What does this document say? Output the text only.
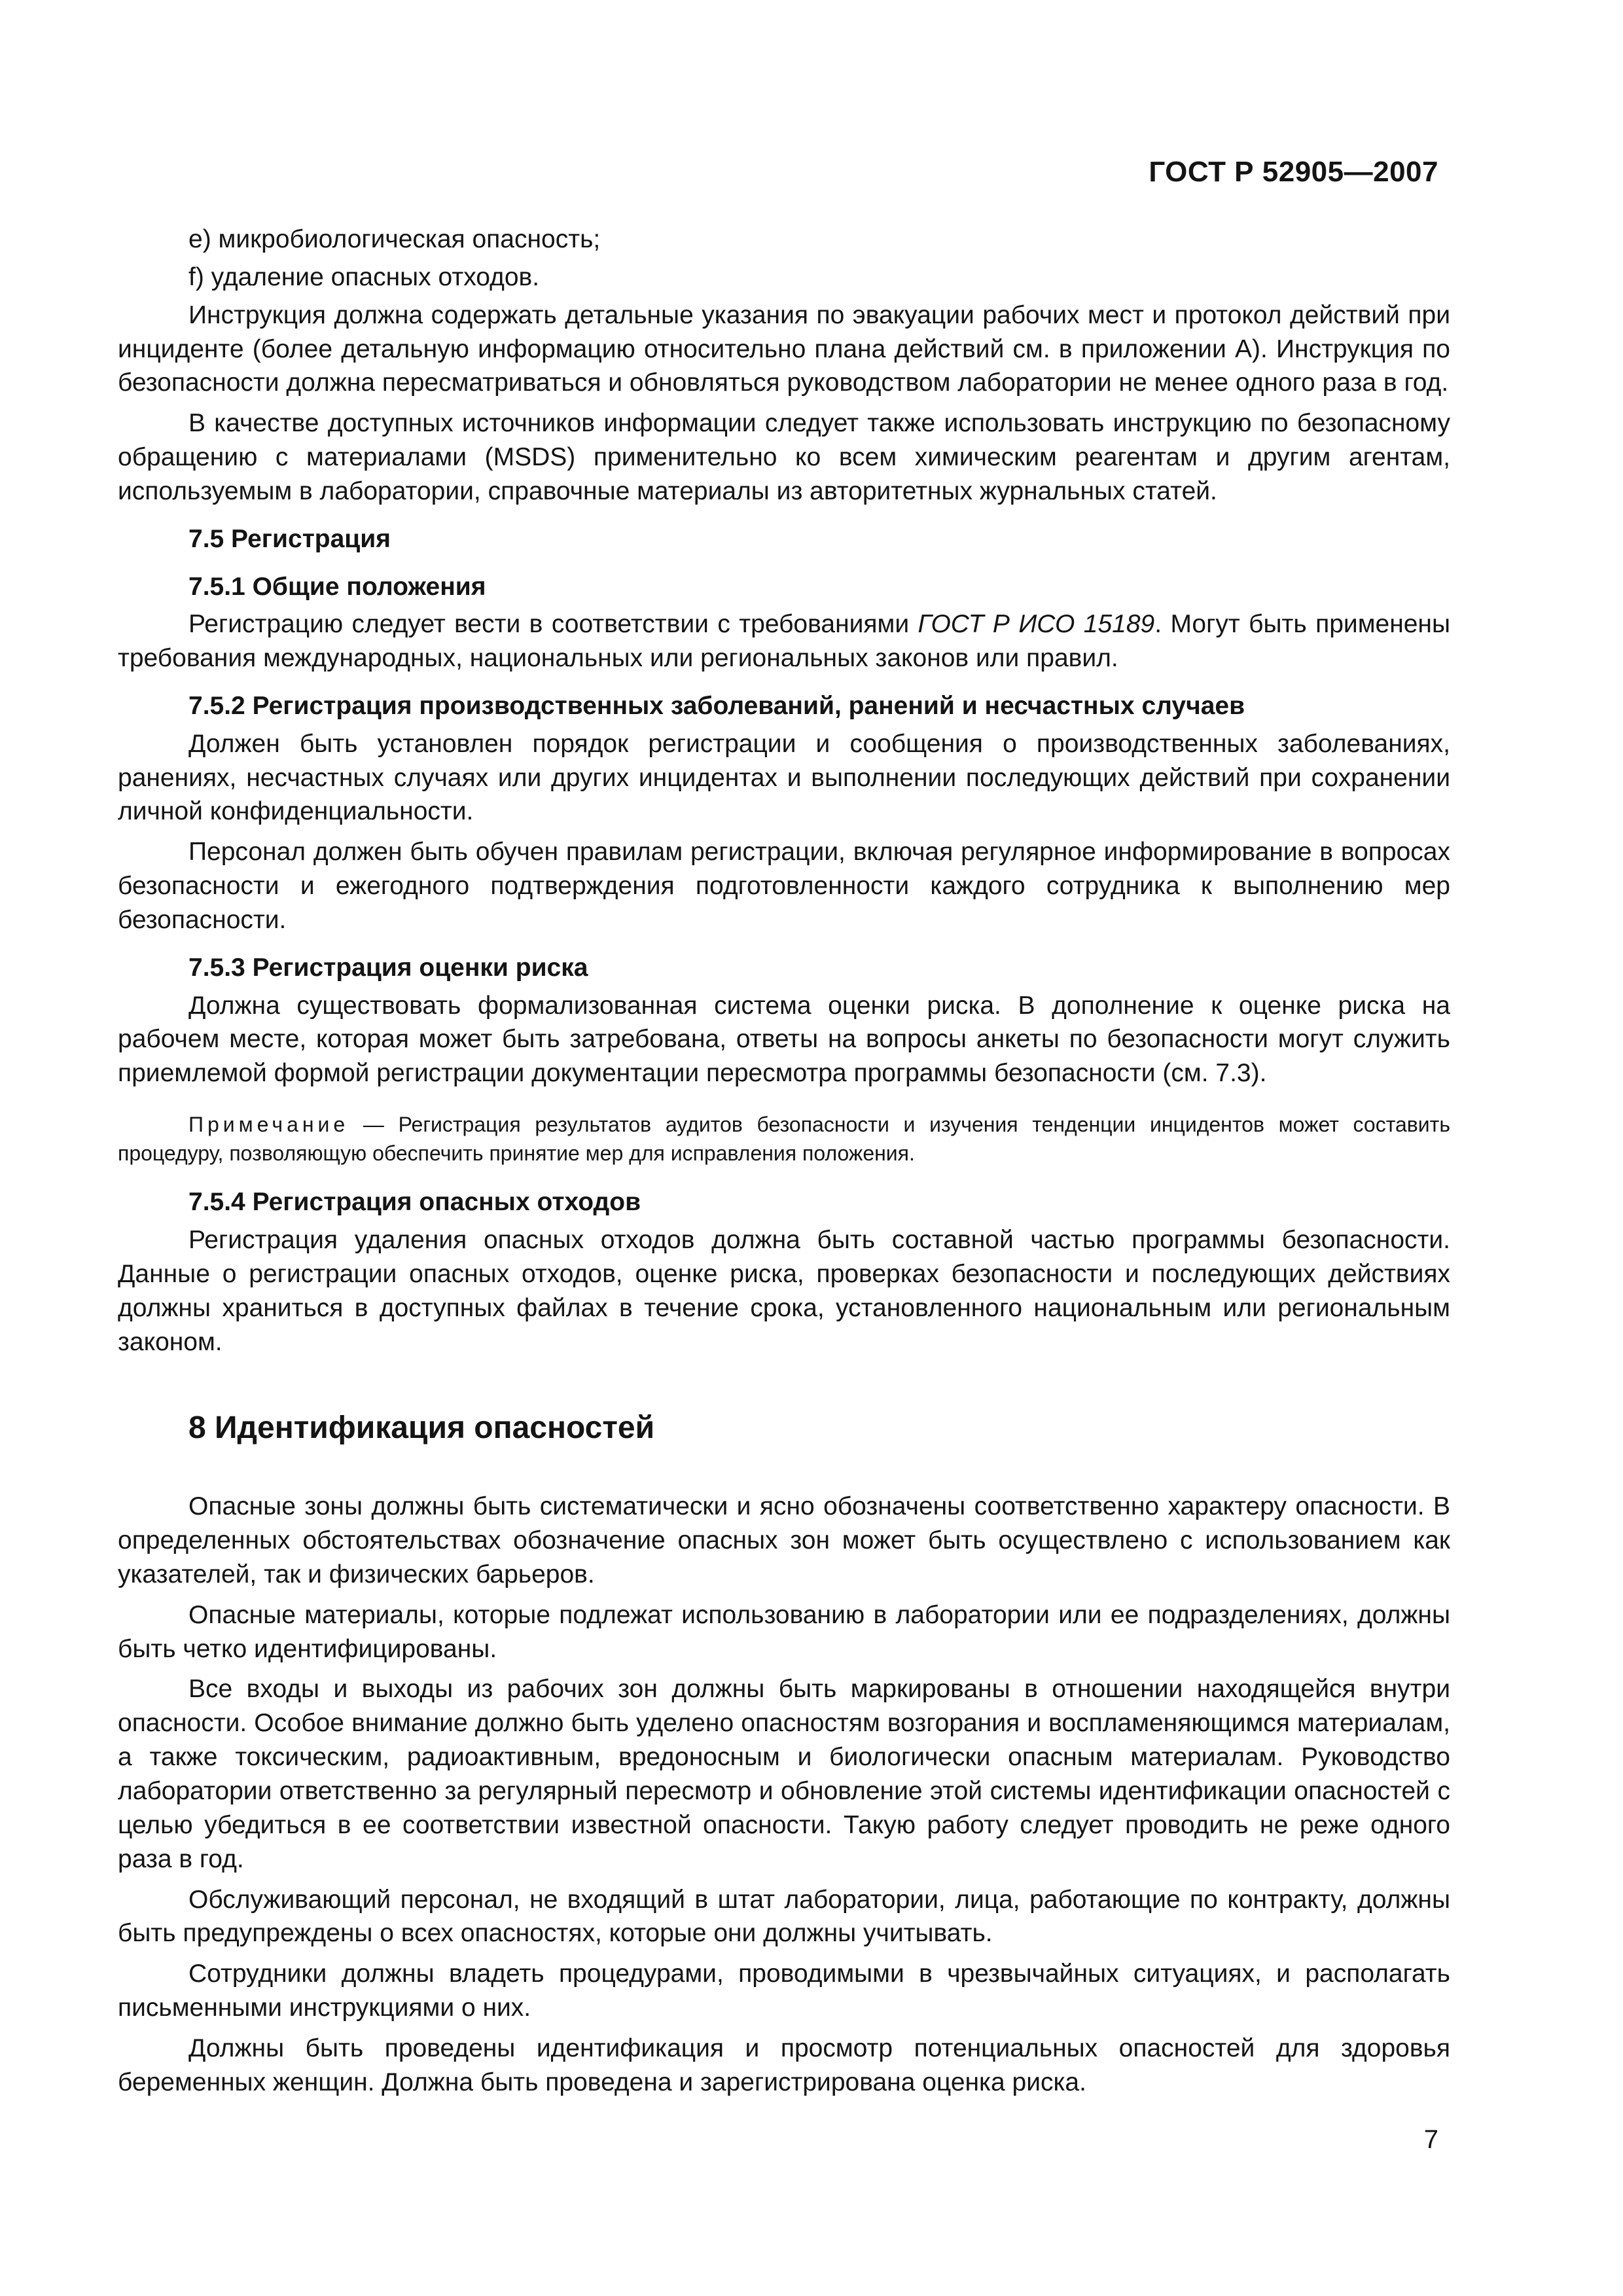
ГОСТ Р 52905—2007

e) микробиологическая опасность;

f) удаление опасных отходов.

Инструкция должна содержать детальные указания по эвакуации рабочих мест и протокол действий при инциденте (более детальную информацию относительно плана действий см. в приложении А). Инструкция по безопасности должна пересматриваться и обновляться руководством лаборатории не менее одного раза в год.

В качестве доступных источников информации следует также использовать инструкцию по безопасному обращению с материалами (MSDS) применительно ко всем химическим реагентам и другим агентам, используемым в лаборатории, справочные материалы из авторитетных журнальных статей.

7.5 Регистрация
7.5.1 Общие положения

Регистрацию следует вести в соответствии с требованиями ГОСТ Р ИСО 15189. Могут быть применены требования международных, национальных или региональных законов или правил.

7.5.2 Регистрация производственных заболеваний, ранений и несчастных случаев

Должен быть установлен порядок регистрации и сообщения о производственных заболеваниях, ранениях, несчастных случаях или других инцидентах и выполнении последующих действий при сохранении личной конфиденциальности.

Персонал должен быть обучен правилам регистрации, включая регулярное информирование в вопросах безопасности и ежегодного подтверждения подготовленности каждого сотрудника к выполнению мер безопасности.

7.5.3 Регистрация оценки риска

Должна существовать формализованная система оценки риска. В дополнение к оценке риска на рабочем месте, которая может быть затребована, ответы на вопросы анкеты по безопасности могут служить приемлемой формой регистрации документации пересмотра программы безопасности (см. 7.3).

Примечание — Регистрация результатов аудитов безопасности и изучения тенденции инцидентов может составить процедуру, позволяющую обеспечить принятие мер для исправления положения.

7.5.4 Регистрация опасных отходов

Регистрация удаления опасных отходов должна быть составной частью программы безопасности. Данные о регистрации опасных отходов, оценке риска, проверках безопасности и последующих действиях должны храниться в доступных файлах в течение срока, установленного национальным или региональным законом.

8 Идентификация опасностей

Опасные зоны должны быть систематически и ясно обозначены соответственно характеру опасности. В определенных обстоятельствах обозначение опасных зон может быть осуществлено с использованием как указателей, так и физических барьеров.

Опасные материалы, которые подлежат использованию в лаборатории или ее подразделениях, должны быть четко идентифицированы.

Все входы и выходы из рабочих зон должны быть маркированы в отношении находящейся внутри опасности. Особое внимание должно быть уделено опасностям возгорания и воспламеняющимся материалам, а также токсическим, радиоактивным, вредоносным и биологически опасным материалам. Руководство лаборатории ответственно за регулярный пересмотр и обновление этой системы идентификации опасностей с целью убедиться в ее соответствии известной опасности. Такую работу следует проводить не реже одного раза в год.

Обслуживающий персонал, не входящий в штат лаборатории, лица, работающие по контракту, должны быть предупреждены о всех опасностях, которые они должны учитывать.

Сотрудники должны владеть процедурами, проводимыми в чрезвычайных ситуациях, и располагать письменными инструкциями о них.

Должны быть проведены идентификация и просмотр потенциальных опасностей для здоровья беременных женщин. Должна быть проведена и зарегистрирована оценка риска.

7
